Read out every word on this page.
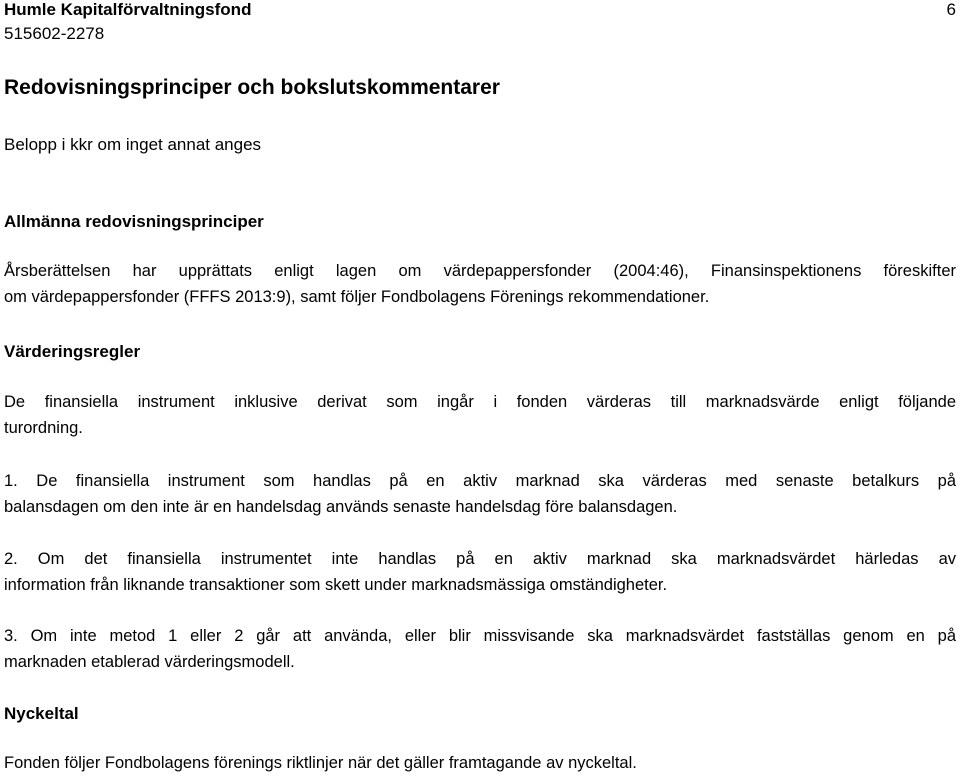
Humle Kapitalförvaltningsfond
515602-2278
6
Redovisningsprinciper och bokslutskommentarer
Belopp i kkr om inget annat anges
Allmänna redovisningsprinciper
Årsberättelsen har upprättats enligt lagen om värdepappersfonder (2004:46), Finansinspektionens föreskifter
om värdepappersfonder (FFFS 2013:9), samt följer Fondbolagens Förenings rekommendationer.
Värderingsregler
De finansiella instrument inklusive derivat som ingår i fonden värderas till marknadsvärde enligt följande
turordning.
1. De finansiella instrument som handlas på en aktiv marknad ska värderas med senaste betalkurs på
balansdagen om den inte är en handelsdag används senaste handelsdag före balansdagen.
2. Om det finansiella instrumentet inte handlas på en aktiv marknad ska marknadsvärdet härledas av
information från liknande transaktioner som skett under marknadsmässiga omständigheter.
3. Om inte metod 1 eller 2 går att använda, eller blir missvisande ska marknadsvärdet fastställas genom en på
marknaden etablerad värderingsmodell.
Nyckeltal
Fonden följer Fondbolagens förenings riktlinjer när det gäller framtagande av nyckeltal.
